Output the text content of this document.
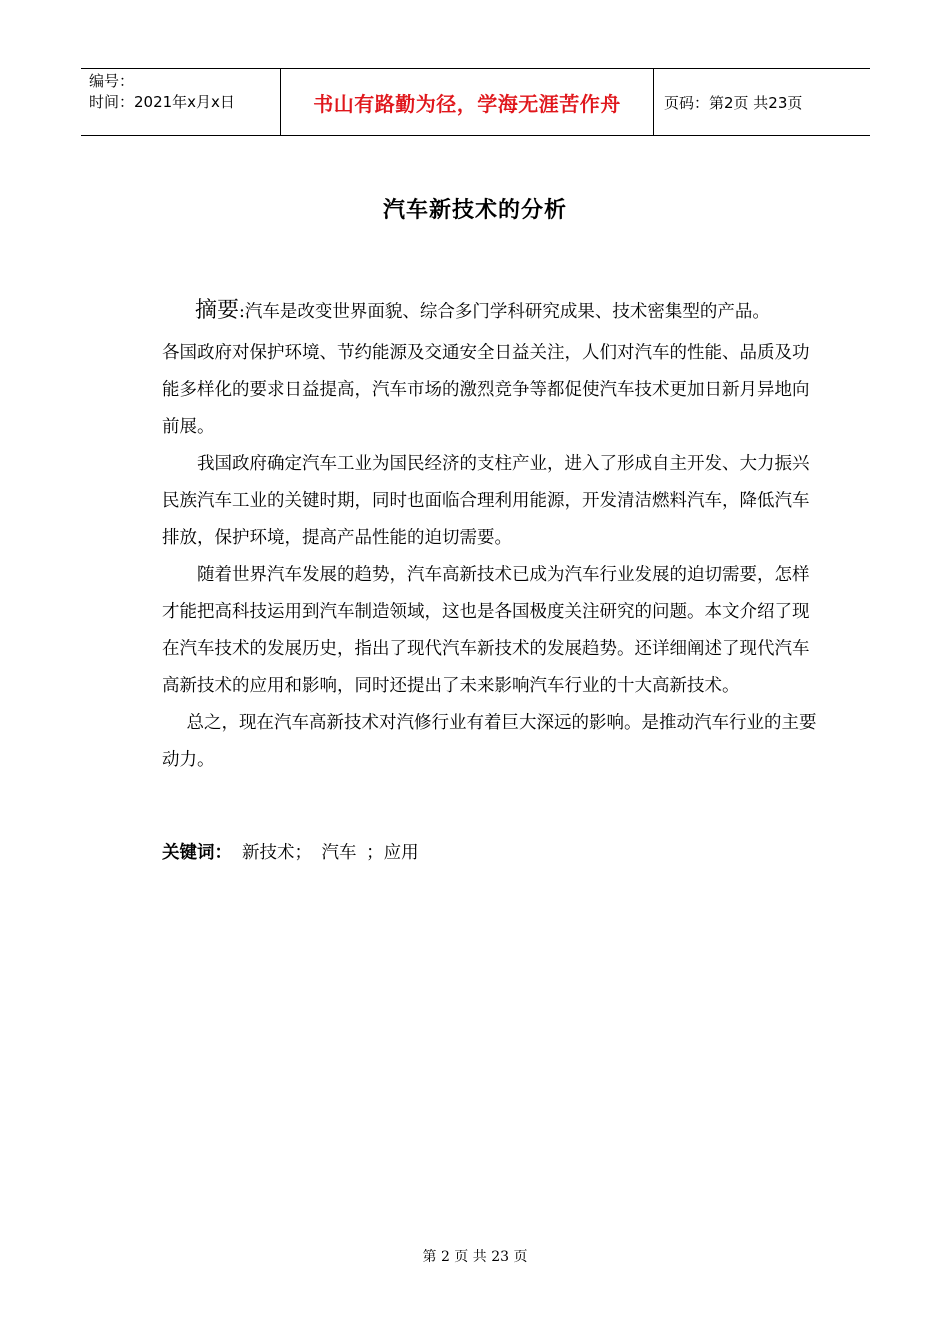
编号：
时间：2021年x月x日	书山有路勤为径，学海无涯苦作舟	页码：第2页 共23页
汽车新技术的分析

摘要:汽车是改变世界面貌、综合多门学科研究成果、技术密集型的产品。

各国政府对保护环境、节约能源及交通安全日益关注，人们对汽车的性能、品质及功能多样化的要求日益提高，汽车市场的激烈竞争等都促使汽车技术更加日新月异地向前展。

我国政府确定汽车工业为国民经济的支柱产业，进入了形成自主开发、大力振兴民族汽车工业的关键时期，同时也面临合理利用能源，开发清洁燃料汽车，降低汽车排放，保护环境，提高产品性能的迫切需要。

随着世界汽车发展的趋势，汽车高新技术已成为汽车行业发展的迫切需要，怎样才能把高科技运用到汽车制造领域，这也是各国极度关注研究的问题。本文介绍了现在汽车技术的发展历史，指出了现代汽车新技术的发展趋势。还详细阐述了现代汽车高新技术的应用和影响，同时还提出了未来影响汽车行业的十大高新技术。

总之，现在汽车高新技术对汽修行业有着巨大深远的影响。是推动汽车行业的主要动力。

关键词： 新技术； 汽车 ；应用
第 2 页 共 23 页
